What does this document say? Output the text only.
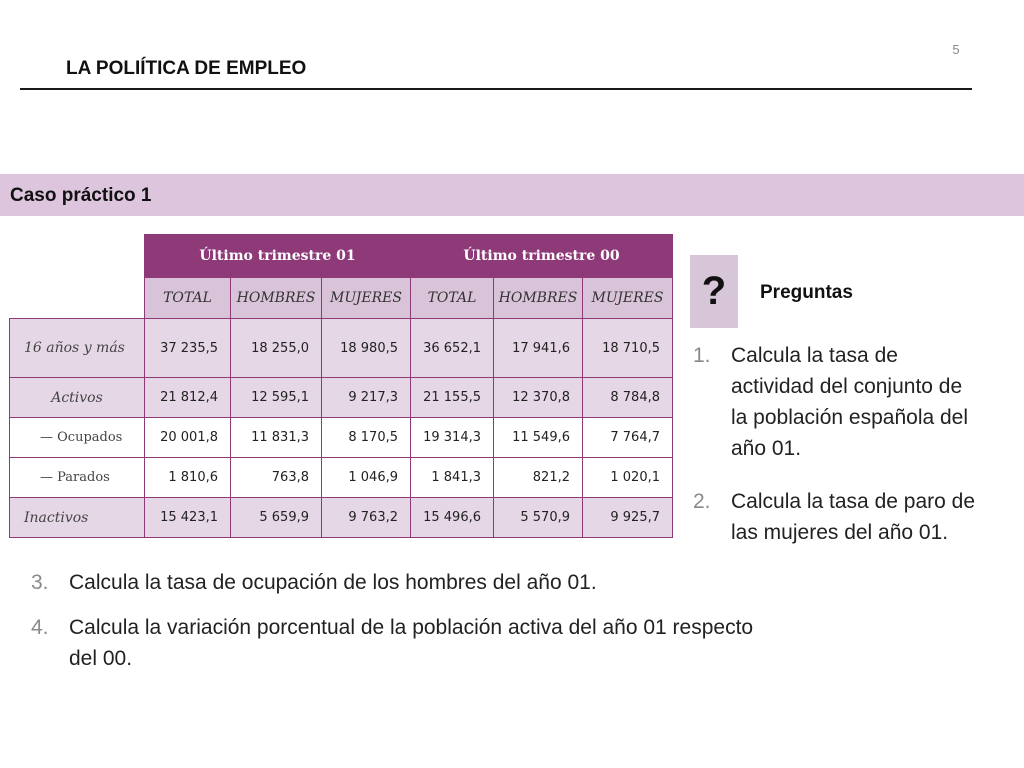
5
LA POLIÍTICA DE EMPLEO
Caso práctico 1
	Último trimestre 01			Último trimestre 00		
	TOTAL	HOMBRES	MUJERES	TOTAL	HOMBRES	MUJERES
16 años y más	37 235,5	18 255,0	18 980,5	36 652,1	17 941,6	18 710,5
Activos	21 812,4	12 595,1	9 217,3	21 155,5	12 370,8	8 784,8
— Ocupados	20 001,8	11 831,3	8 170,5	19 314,3	11 549,6	7 764,7
— Parados	1 810,6	763,8	1 046,9	1 841,3	821,2	1 020,1
Inactivos	15 423,1	5 659,9	9 763,2	15 496,6	5 570,9	9 925,7
?	Preguntas
1. Calcula la tasa de actividad del conjunto de la población española del año 01.
2. Calcula la tasa de paro de las mujeres del año 01.
3. Calcula la tasa de ocupación de los hombres del año 01.
4. Calcula la variación porcentual de la población activa del año 01 respecto del 00.
